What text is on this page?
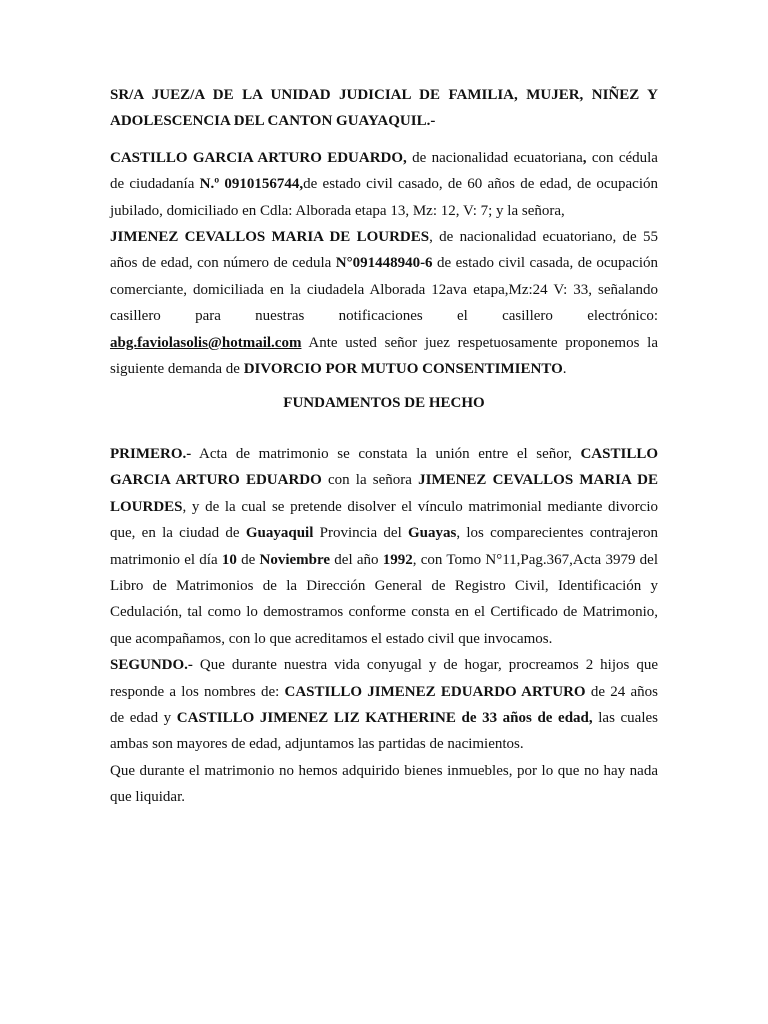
SR/A JUEZ/A DE LA UNIDAD JUDICIAL DE FAMILIA, MUJER, NIÑEZ Y ADOLESCENCIA DEL CANTON GUAYAQUIL.-

CASTILLO GARCIA ARTURO EDUARDO, de nacionalidad ecuatoriana, con cédula de ciudadanía N.º 0910156744,de estado civil casado, de 60 años de edad, de ocupación jubilado, domiciliado en Cdla: Alborada etapa 13, Mz: 12, V: 7; y la señora,
JIMENEZ CEVALLOS MARIA DE LOURDES, de nacionalidad ecuatoriano, de 55 años de edad, con número de cedula N°091448940-6 de estado civil casada, de ocupación comerciante, domiciliada en la ciudadela Alborada 12ava etapa,Mz:24 V: 33, señalando casillero para nuestras notificaciones el casillero electrónico: abg.faviolasolis@hotmail.com Ante usted señor juez respetuosamente proponemos la siguiente demanda de DIVORCIO POR MUTUO CONSENTIMIENTO.

FUNDAMENTOS DE HECHO

PRIMERO.- Acta de matrimonio se constata la unión entre el señor, CASTILLO GARCIA ARTURO EDUARDO con la señora JIMENEZ CEVALLOS MARIA DE LOURDES, y de la cual se pretende disolver el vínculo matrimonial mediante divorcio que, en la ciudad de Guayaquil Provincia del Guayas, los comparecientes contrajeron matrimonio el día 10 de Noviembre del año 1992, con Tomo N°11,Pag.367,Acta 3979 del Libro de Matrimonios de la Dirección General de Registro Civil, Identificación y Cedulación, tal como lo demostramos conforme consta en el Certificado de Matrimonio, que acompañamos, con lo que acreditamos el estado civil que invocamos.

SEGUNDO.- Que durante nuestra vida conyugal y de hogar, procreamos 2 hijos que responde a los nombres de: CASTILLO JIMENEZ EDUARDO ARTURO de 24 años de edad y CASTILLO JIMENEZ LIZ KATHERINE de 33 años de edad, las cuales ambas son mayores de edad, adjuntamos las partidas de nacimientos.

Que durante el matrimonio no hemos adquirido bienes inmuebles, por lo que no hay nada que liquidar.
